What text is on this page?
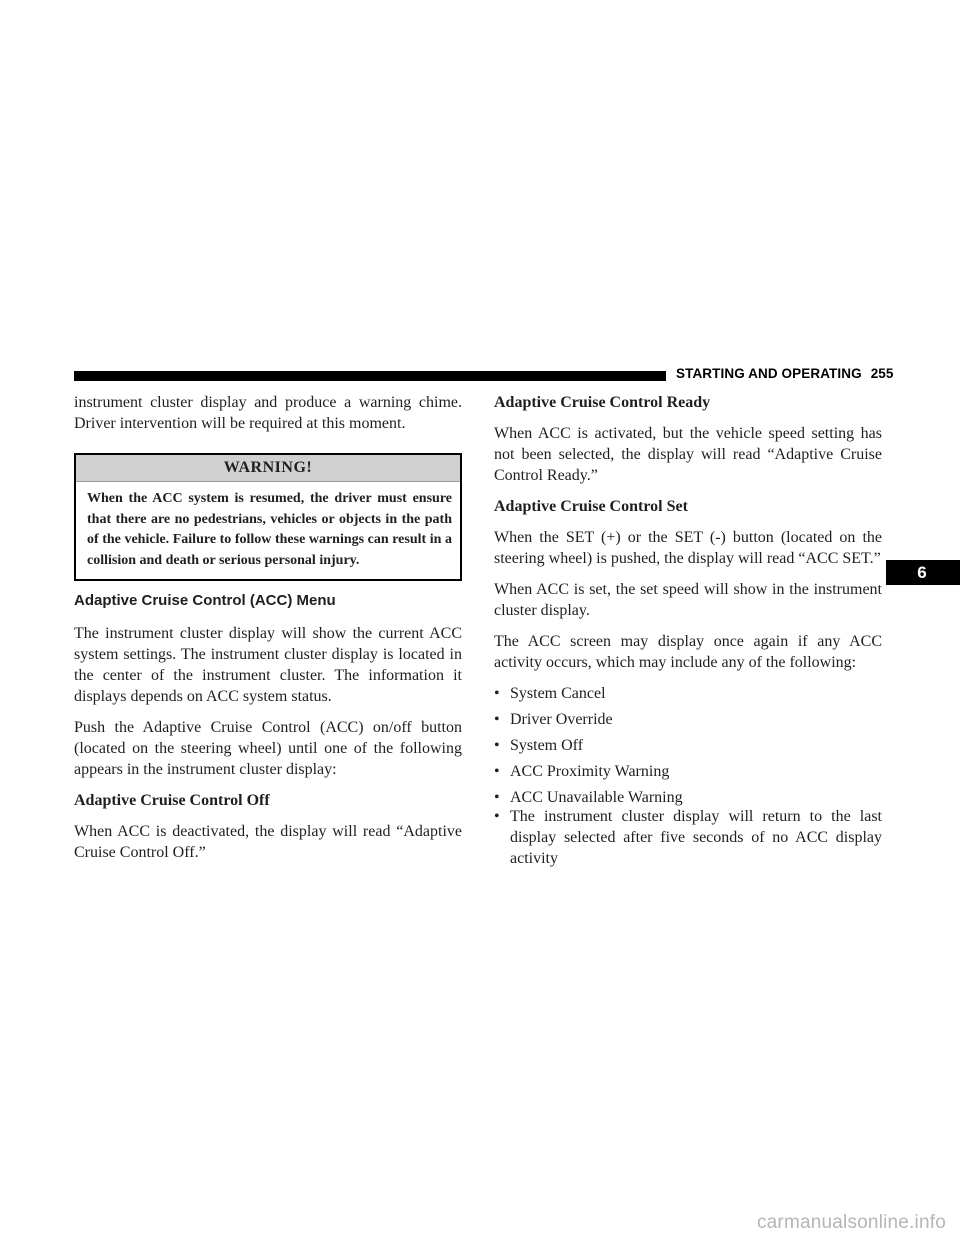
STARTING AND OPERATING 255

instrument cluster display and produce a warning chime. Driver intervention will be required at this moment.

WARNING!
When the ACC system is resumed, the driver must ensure that there are no pedestrians, vehicles or objects in the path of the vehicle. Failure to follow these warnings can result in a collision and death or serious personal injury.
Adaptive Cruise Control (ACC) Menu

The instrument cluster display will show the current ACC system settings. The instrument cluster display is located in the center of the instrument cluster. The information it displays depends on ACC system status.

Push the Adaptive Cruise Control (ACC) on/off button (located on the steering wheel) until one of the following appears in the instrument cluster display:

Adaptive Cruise Control Off

When ACC is deactivated, the display will read “Adaptive Cruise Control Off.”

Adaptive Cruise Control Ready

When ACC is activated, but the vehicle speed setting has not been selected, the display will read “Adaptive Cruise Control Ready.”

Adaptive Cruise Control Set

When the SET (+) or the SET (-) button (located on the steering wheel) is pushed, the display will read “ACC SET.”

When ACC is set, the set speed will show in the instrument cluster display.

The ACC screen may display once again if any ACC activity occurs, which may include any of the following:

• System Cancel
• Driver Override
• System Off
• ACC Proximity Warning
• ACC Unavailable Warning
• The instrument cluster display will return to the last display selected after five seconds of no ACC display activity
6
carmanualsonline.info
